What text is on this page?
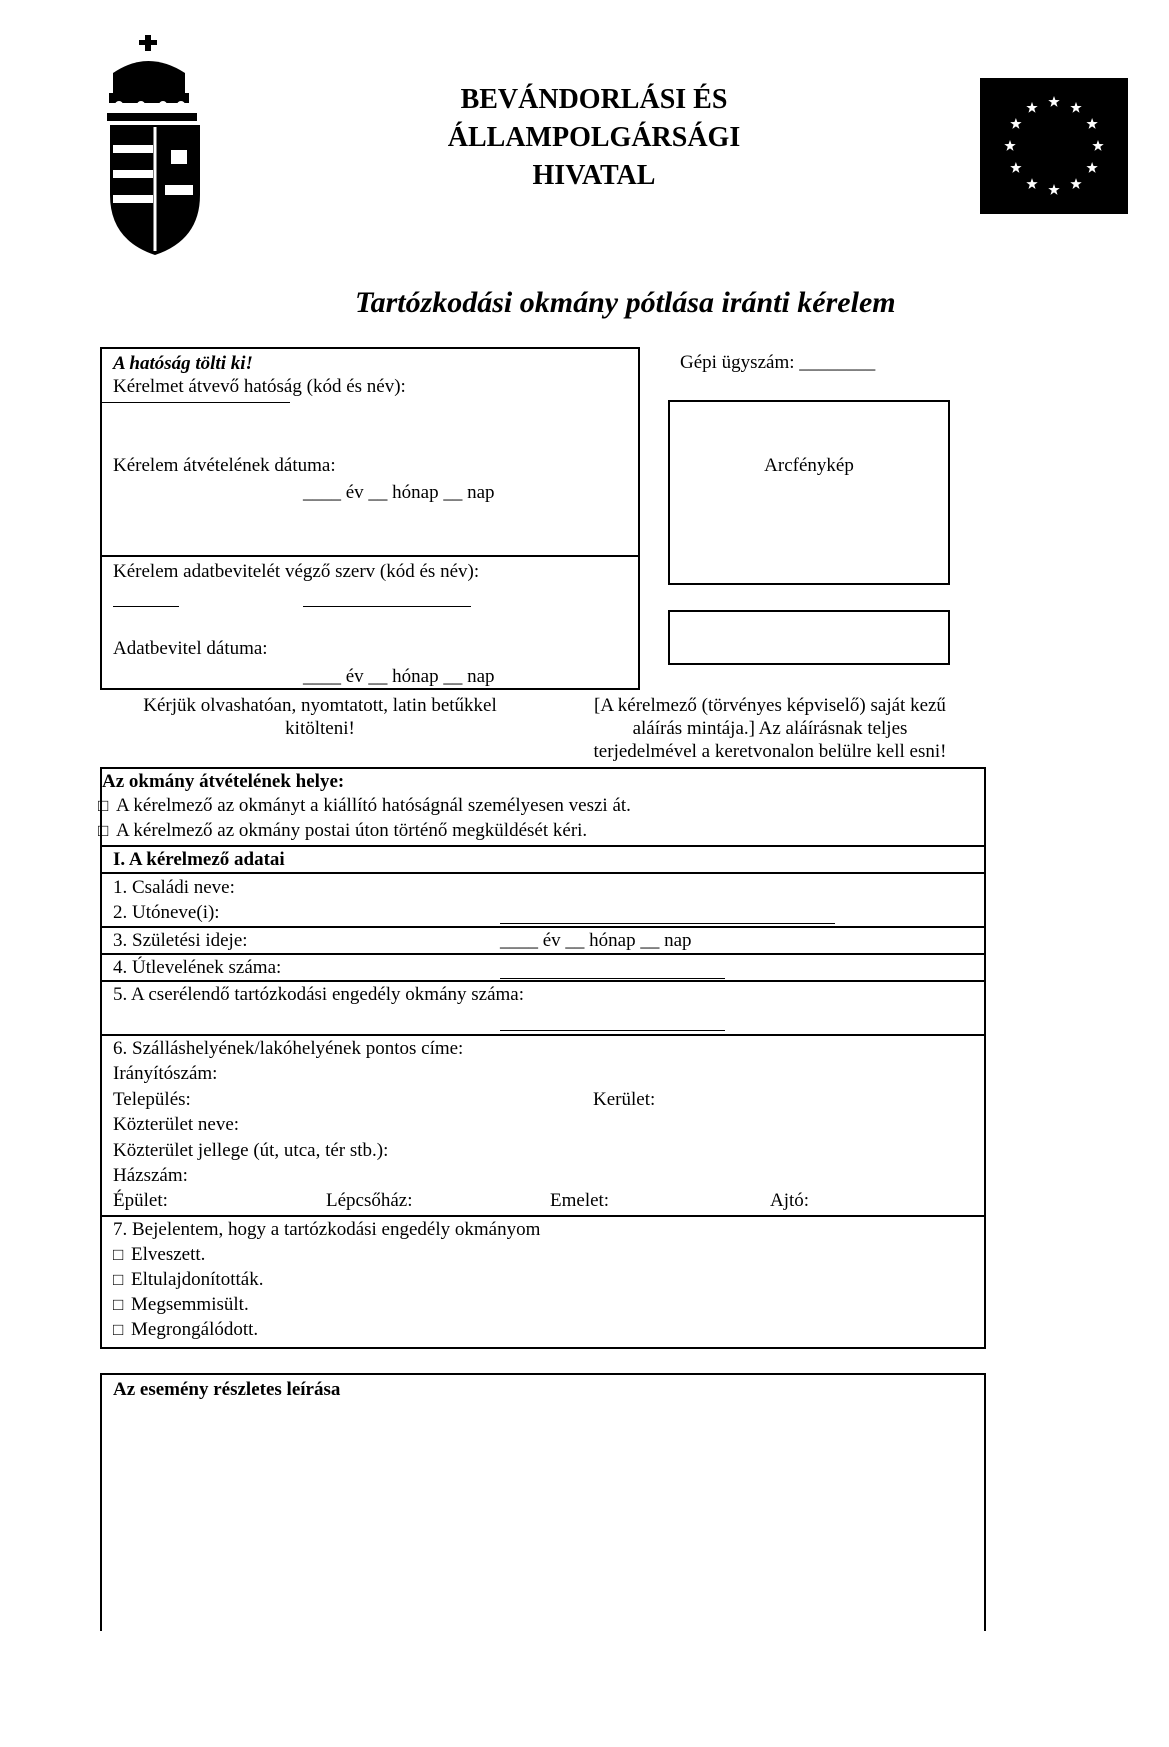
BEVÁNDORLÁSI ÉS
ÁLLAMPOLGÁRSÁGI
HIVATAL
Tartózkodási okmány pótlása iránti kérelem
A hatóság tölti ki!
Kérelmet átvevő hatóság (kód és név):
Kérelem átvételének dátuma:
____ év __ hónap __ nap
Kérelem adatbevitelét végző szerv (kód és név):
Adatbevitel dátuma:
____ év __ hónap __ nap
Gépi ügyszám: ________
Arcfénykép
Kérjük olvashatóan, nyomtatott, latin betűkkel
kitölteni!
[A kérelmező (törvényes képviselő) saját kezű
aláírás mintája.] Az aláírásnak teljes
terjedelmével a keretvonalon belülre kell esni!
Az okmány átvételének helye:
□ A kérelmező az okmányt a kiállító hatóságnál személyesen veszi át.
□ A kérelmező az okmány postai úton történő megküldését kéri.
I. A kérelmező adatai
1. Családi neve:
2. Utóneve(i):
3. Születési ideje:	____ év __ hónap __ nap
4. Útlevelének száma:
5. A cserélendő tartózkodási engedély okmány száma:
6. Szálláshelyének/lakóhelyének pontos címe:
Irányítószám:
Település:	Kerület:
Közterület neve:
Közterület jellege (út, utca, tér stb.):
Házszám:
Épület:	Lépcsőház:	Emelet:	Ajtó:
7. Bejelentem, hogy a tartózkodási engedély okmányom
□ Elveszett.
□ Eltulajdonították.
□ Megsemmisült.
□ Megrongálódott.
Az esemény részletes leírása
